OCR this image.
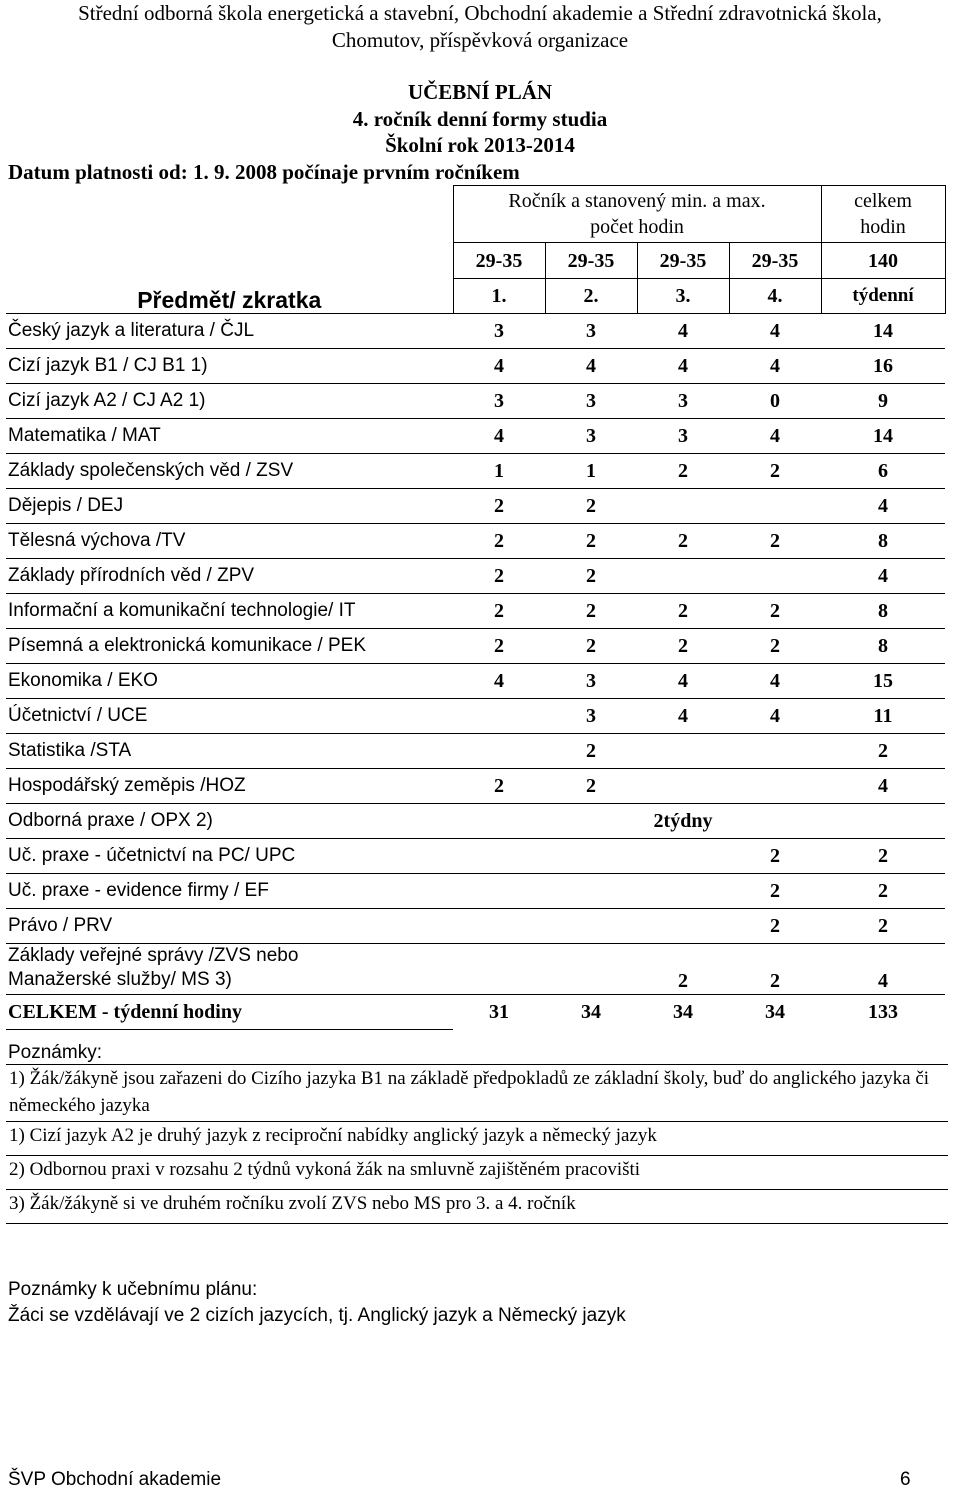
Střední odborná škola energetická a stavební, Obchodní akademie a Střední zdravotnická škola,
Chomutov, příspěvková organizace
UČEBNÍ PLÁN
4. ročník denní formy studia
Školní rok 2013-2014
Datum platnosti od: 1. 9. 2008 počínaje prvním ročníkem
	Ročník a stanovený min. a max.
počet hodin				celkem
hodin
Předmět/ zkratka	29-35	29-35	29-35	29-35	140
	1.	2.	3.	4.	týdenní
Český jazyk a literatura / ČJL	3	3	4	4	14
Cizí jazyk B1 / CJ B1 1)	4	4	4	4	16
Cizí jazyk A2 / CJ A2 1)	3	3	3	0	9
Matematika / MAT	4	3	3	4	14
Základy společenských věd / ZSV	1	1	2	2	6
Dějepis / DEJ	2	2			4
Tělesná výchova /TV	2	2	2	2	8
Základy přírodních věd / ZPV	2	2			4
Informační a komunikační technologie/ IT	2	2	2	2	8
Písemná a elektronická komunikace / PEK	2	2	2	2	8
Ekonomika / EKO	4	3	4	4	15
Účetnictví / UCE		3	4	4	11
Statistika /STA		2			2
Hospodářský zeměpis /HOZ	2	2			4
Odborná praxe / OPX 2)			2týdny		
Uč. praxe - účetnictví na PC/ UPC				2	2
Uč. praxe - evidence firmy / EF				2	2
Právo / PRV				2	2
Základy veřejné správy /ZVS nebo
Manažerské služby/ MS 3)			2	2	4
CELKEM - týdenní hodiny	31	34	34	34	133
Poznámky:
1) Žák/žákyně jsou zařazeni do Cizího jazyka B1 na základě předpokladů ze základní školy, buď do anglického jazyka či německého jazyka
1) Cizí jazyk A2 je druhý jazyk z reciproční nabídky anglický jazyk a německý jazyk
2) Odbornou praxi v rozsahu 2 týdnů vykoná žák na smluvně zajištěném pracovišti
3) Žák/žákyně si ve druhém ročníku zvolí ZVS nebo MS pro 3. a 4. ročník
Poznámky k učebnímu plánu:
Žáci se vzdělávají ve 2 cizích jazycích, tj. Anglický jazyk a Německý jazyk
ŠVP Obchodní akademie	6
